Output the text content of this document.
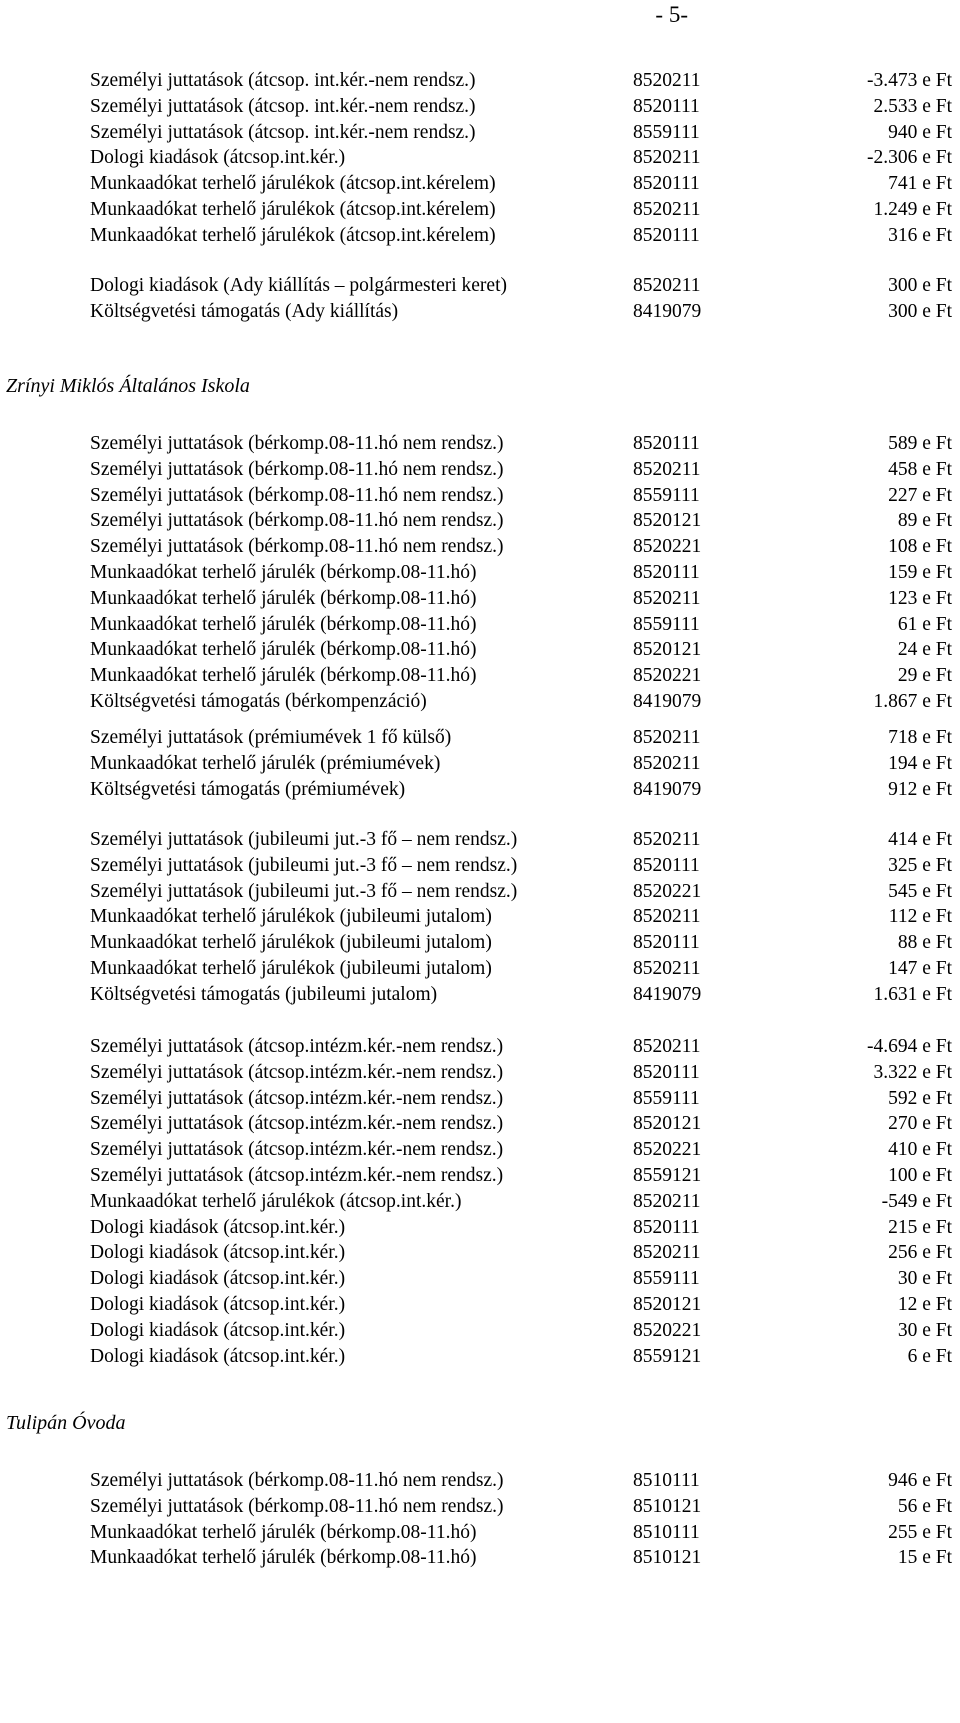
- 5-
Személyi juttatások (átcsop. int.kér.-nem rendsz.)	8520211	-3.473 e Ft
Személyi juttatások (átcsop. int.kér.-nem rendsz.)	8520111	2.533 e Ft
Személyi juttatások (átcsop. int.kér.-nem rendsz.)	8559111	940 e Ft
Dologi kiadások (átcsop.int.kér.)	8520211	-2.306 e Ft
Munkaadókat terhelő járulékok (átcsop.int.kérelem)	8520111	741 e Ft
Munkaadókat terhelő járulékok (átcsop.int.kérelem)	8520211	1.249 e Ft
Munkaadókat terhelő járulékok (átcsop.int.kérelem)	8520111	316 e Ft
Dologi kiadások (Ady kiállítás – polgármesteri keret)	8520211	300 e Ft
Költségvetési támogatás (Ady kiállítás)	8419079	300 e Ft
Zrínyi Miklós Általános Iskola
Személyi juttatások (bérkomp.08-11.hó nem rendsz.)	8520111	589 e Ft
Személyi juttatások (bérkomp.08-11.hó nem rendsz.)	8520211	458 e Ft
Személyi juttatások (bérkomp.08-11.hó nem rendsz.)	8559111	227 e Ft
Személyi juttatások (bérkomp.08-11.hó nem rendsz.)	8520121	89 e Ft
Személyi juttatások (bérkomp.08-11.hó nem rendsz.)	8520221	108 e Ft
Munkaadókat terhelő járulék (bérkomp.08-11.hó)	8520111	159 e Ft
Munkaadókat terhelő járulék (bérkomp.08-11.hó)	8520211	123 e Ft
Munkaadókat terhelő járulék (bérkomp.08-11.hó)	8559111	61 e Ft
Munkaadókat terhelő járulék (bérkomp.08-11.hó)	8520121	24 e Ft
Munkaadókat terhelő járulék (bérkomp.08-11.hó)	8520221	29 e Ft
Költségvetési támogatás (bérkompenzáció)	8419079	1.867 e Ft
Személyi juttatások (prémiumévek 1 fő külső)	8520211	718 e Ft
Munkaadókat terhelő járulék (prémiumévek)	8520211	194 e Ft
Költségvetési támogatás (prémiumévek)	8419079	912 e Ft
Személyi juttatások (jubileumi jut.-3 fő – nem rendsz.)	8520211	414 e Ft
Személyi juttatások (jubileumi jut.-3 fő – nem rendsz.)	8520111	325 e Ft
Személyi juttatások (jubileumi jut.-3 fő – nem rendsz.)	8520221	545 e Ft
Munkaadókat terhelő járulékok (jubileumi jutalom)	8520211	112 e Ft
Munkaadókat terhelő járulékok (jubileumi jutalom)	8520111	88 e Ft
Munkaadókat terhelő járulékok (jubileumi jutalom)	8520211	147 e Ft
Költségvetési támogatás (jubileumi jutalom)	8419079	1.631 e Ft
Személyi juttatások (átcsop.intézm.kér.-nem rendsz.)	8520211	-4.694 e Ft
Személyi juttatások (átcsop.intézm.kér.-nem rendsz.)	8520111	3.322 e Ft
Személyi juttatások (átcsop.intézm.kér.-nem rendsz.)	8559111	592 e Ft
Személyi juttatások (átcsop.intézm.kér.-nem rendsz.)	8520121	270 e Ft
Személyi juttatások (átcsop.intézm.kér.-nem rendsz.)	8520221	410 e Ft
Személyi juttatások (átcsop.intézm.kér.-nem rendsz.)	8559121	100 e Ft
Munkaadókat terhelő járulékok (átcsop.int.kér.)	8520211	-549 e Ft
Dologi kiadások (átcsop.int.kér.)	8520111	215 e Ft
Dologi kiadások (átcsop.int.kér.)	8520211	256 e Ft
Dologi kiadások (átcsop.int.kér.)	8559111	30 e Ft
Dologi kiadások (átcsop.int.kér.)	8520121	12 e Ft
Dologi kiadások (átcsop.int.kér.)	8520221	30 e Ft
Dologi kiadások (átcsop.int.kér.)	8559121	6 e Ft
Tulipán Óvoda
Személyi juttatások (bérkomp.08-11.hó nem rendsz.)	8510111	946 e Ft
Személyi juttatások (bérkomp.08-11.hó nem rendsz.)	8510121	56 e Ft
Munkaadókat terhelő járulék (bérkomp.08-11.hó)	8510111	255 e Ft
Munkaadókat terhelő járulék (bérkomp.08-11.hó)	8510121	15 e Ft
